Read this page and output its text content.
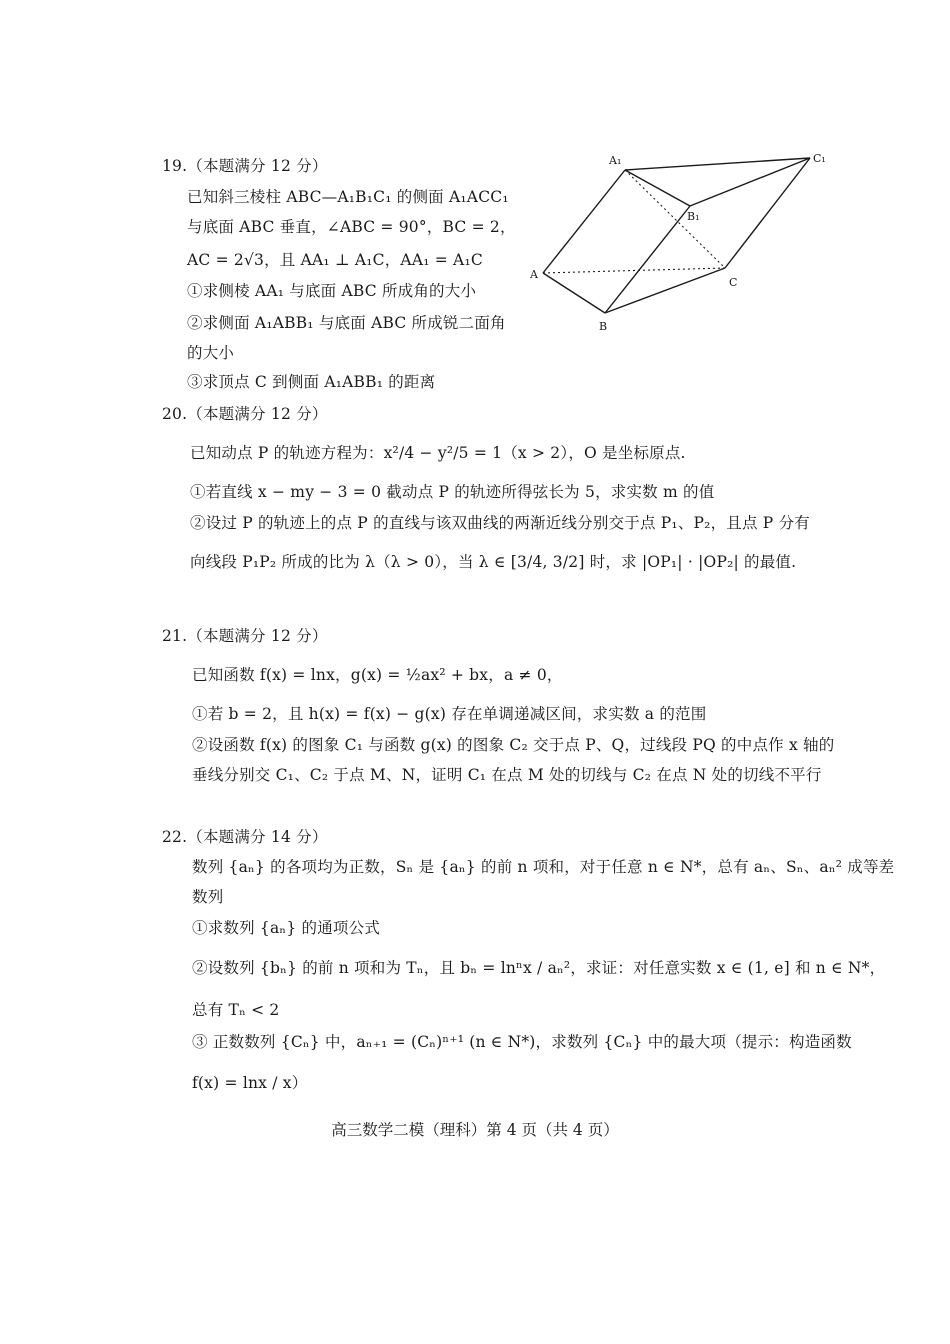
19.（本题满分 12 分）
已知斜三棱柱 ABC—A₁B₁C₁ 的侧面 A₁ACC₁
与底面 ABC 垂直，∠ABC = 90°，BC = 2，
AC = 2√3，且 AA₁ ⊥ A₁C，AA₁ = A₁C
①求侧棱 AA₁ 与底面 ABC 所成角的大小
②求侧面 A₁ABB₁ 与底面 ABC 所成锐二面角
的大小
③求顶点 C 到侧面 A₁ABB₁ 的距离
A₁	C₁
B₁
A
B
C
20.（本题满分 12 分）
已知动点 P 的轨迹方程为：x²/4 − y²/5 = 1（x > 2），O 是坐标原点.
①若直线 x − my − 3 = 0 截动点 P 的轨迹所得弦长为 5，求实数 m 的值
②设过 P 的轨迹上的点 P 的直线与该双曲线的两渐近线分别交于点 P₁、P₂，且点 P 分有
向线段 P₁P₂ 所成的比为 λ（λ > 0），当 λ ∈ [3/4, 3/2] 时，求 |OP₁| · |OP₂| 的最值.
21.（本题满分 12 分）
已知函数 f(x) = lnx，g(x) = ½ax² + bx，a ≠ 0，
①若 b = 2，且 h(x) = f(x) − g(x) 存在单调递减区间，求实数 a 的范围
②设函数 f(x) 的图象 C₁ 与函数 g(x) 的图象 C₂ 交于点 P、Q，过线段 PQ 的中点作 x 轴的
垂线分别交 C₁、C₂ 于点 M、N，证明 C₁ 在点 M 处的切线与 C₂ 在点 N 处的切线不平行
22.（本题满分 14 分）
数列 {aₙ} 的各项均为正数，Sₙ 是 {aₙ} 的前 n 项和，对于任意 n ∈ N*，总有 aₙ、Sₙ、aₙ² 成等差
数列
①求数列 {aₙ} 的通项公式
②设数列 {bₙ} 的前 n 项和为 Tₙ，且 bₙ = lnⁿx / aₙ²，求证：对任意实数 x ∈ (1, e] 和 n ∈ N*，
总有 Tₙ < 2
③ 正数数列 {Cₙ} 中，aₙ₊₁ = (Cₙ)ⁿ⁺¹ (n ∈ N*)，求数列 {Cₙ} 中的最大项（提示：构造函数
f(x) = lnx / x）
高三数学二模（理科）第 4 页（共 4 页）
